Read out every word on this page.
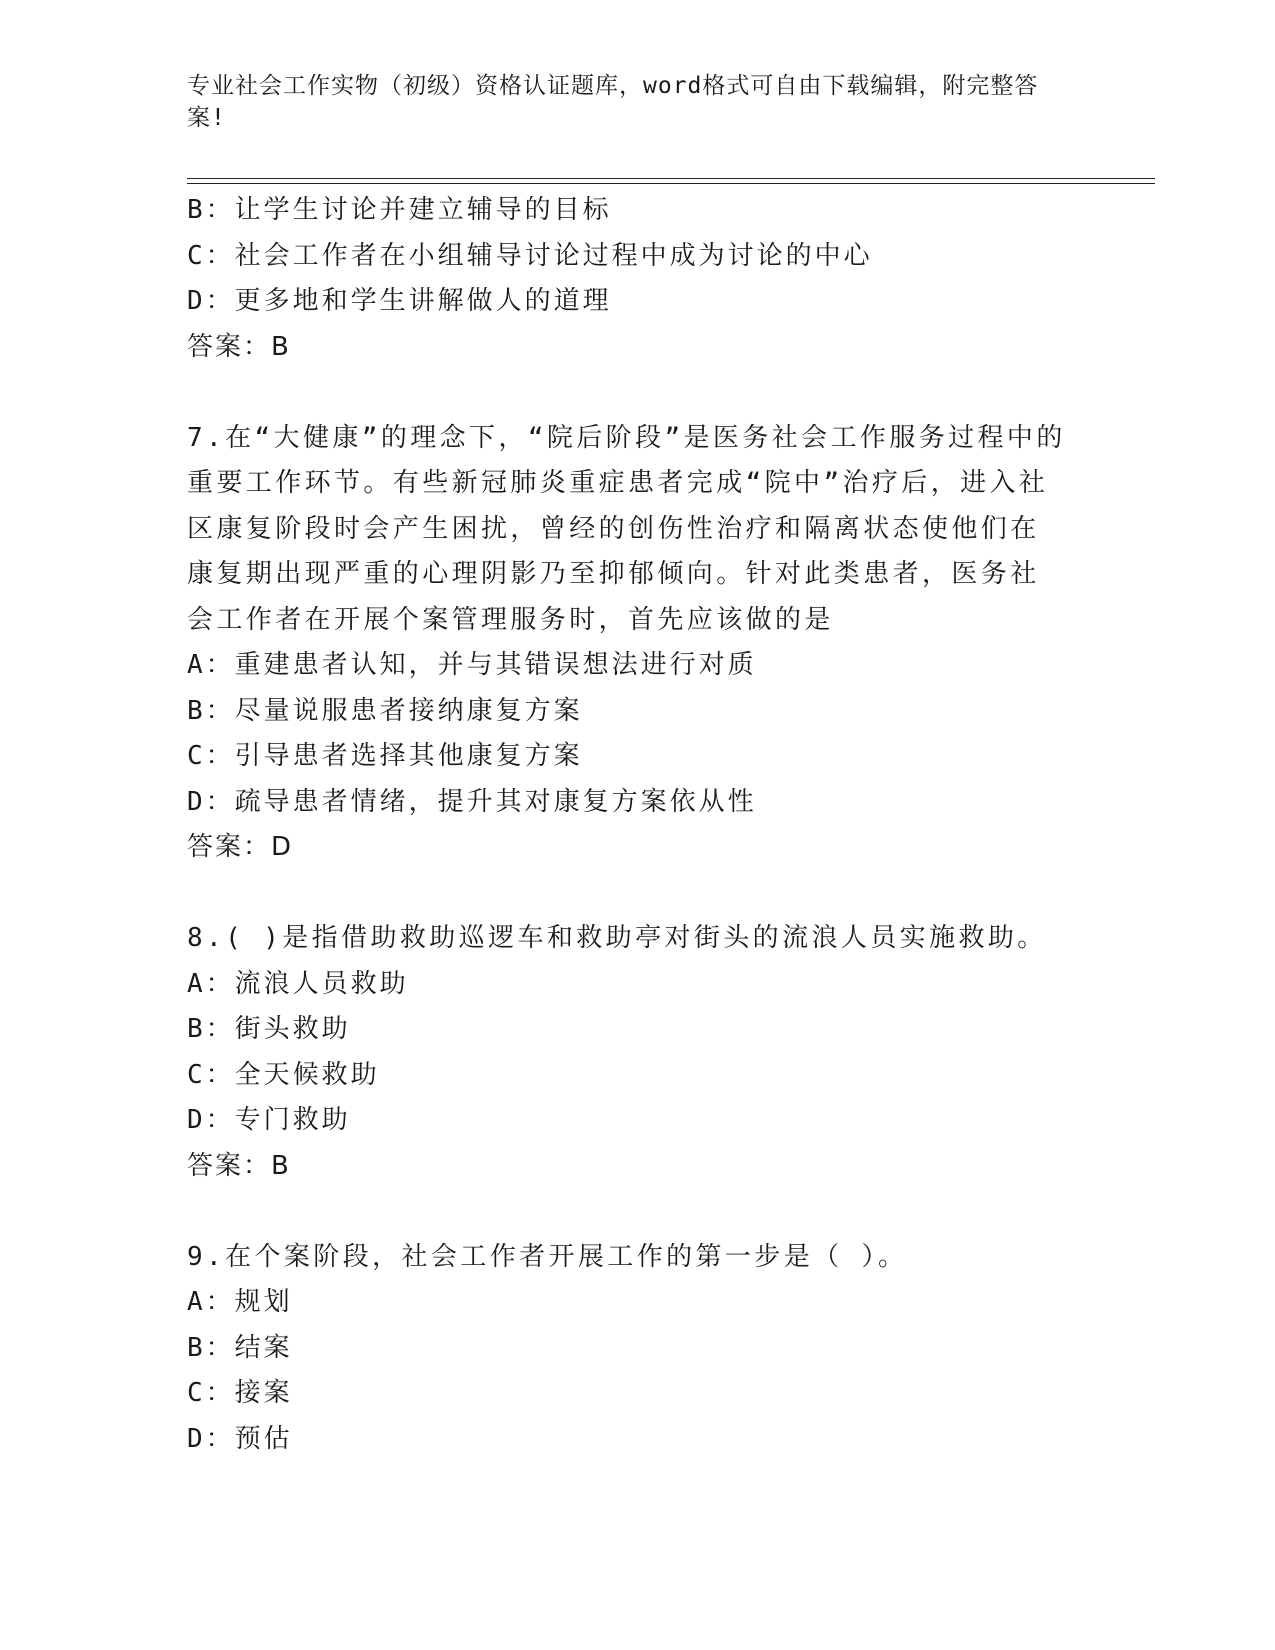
专业社会工作实物（初级）资格认证题库，word格式可自由下载编辑，附完整答案!

B：让学生讨论并建立辅导的目标

C：社会工作者在小组辅导讨论过程中成为讨论的中心

D：更多地和学生讲解做人的道理

答案：B

7.在“大健康”的理念下，“院后阶段”是医务社会工作服务过程中的重要工作环节。有些新冠肺炎重症患者完成“院中”治疗后，进入社区康复阶段时会产生困扰，曾经的创伤性治疗和隔离状态使他们在康复期出现严重的心理阴影乃至抑郁倾向。针对此类患者，医务社会工作者在开展个案管理服务时，首先应该做的是

A：重建患者认知，并与其错误想法进行对质

B：尽量说服患者接纳康复方案

C：引导患者选择其他康复方案

D：疏导患者情绪，提升其对康复方案依从性

答案：D

8.( )是指借助救助巡逻车和救助亭对街头的流浪人员实施救助。

A：流浪人员救助

B：街头救助

C：全天候救助

D：专门救助

答案：B

9.在个案阶段，社会工作者开展工作的第一步是（ ）。

A：规划

B：结案

C：接案

D：预估
